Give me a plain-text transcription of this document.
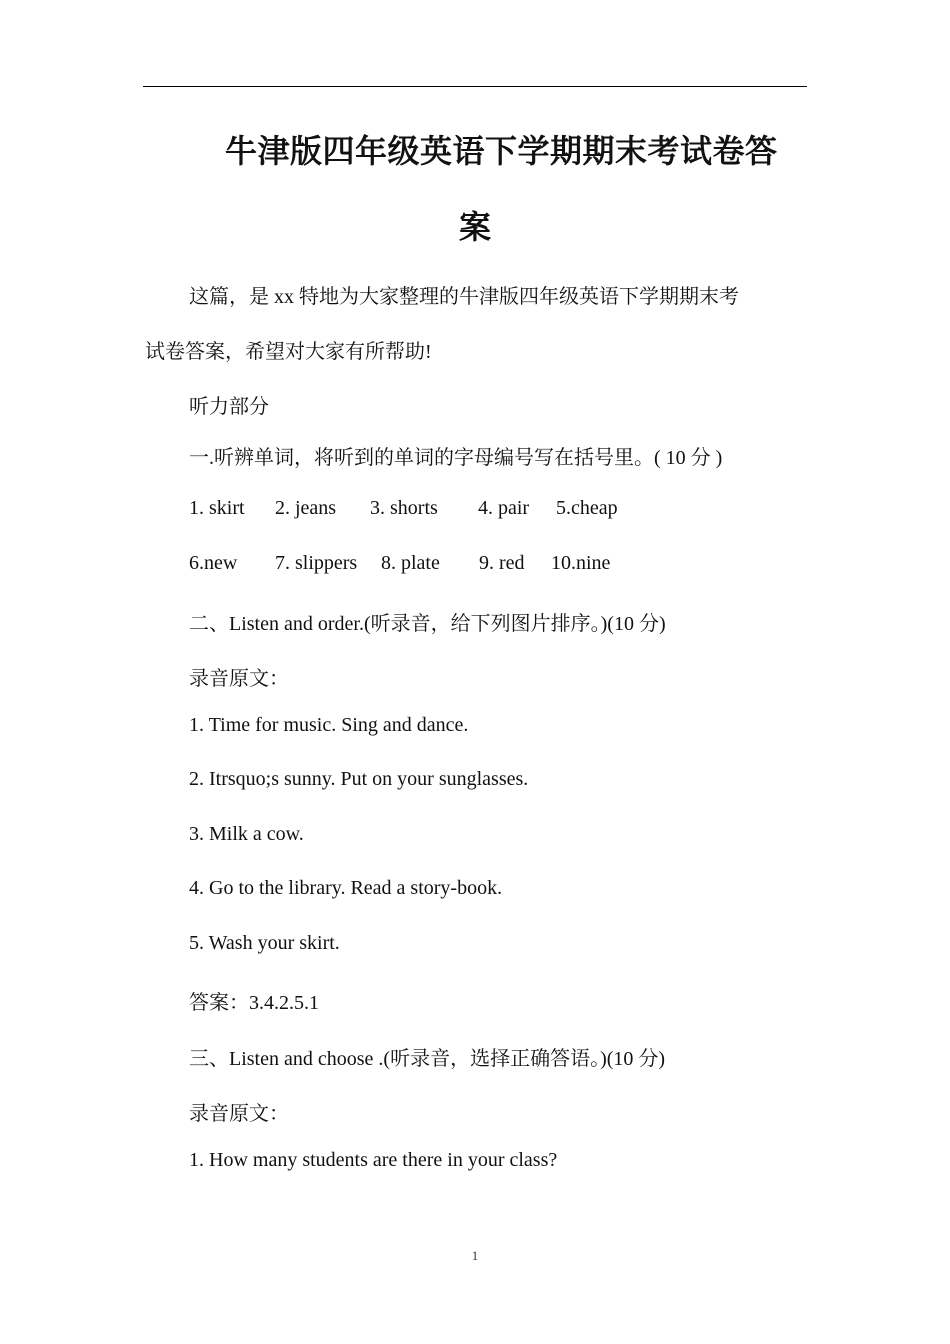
牛津版四年级英语下学期期末考试卷答
案
这篇，是 xx 特地为大家整理的牛津版四年级英语下学期期末考
试卷答案，希望对大家有所帮助!
听力部分
一.听辨单词，将听到的单词的字母编号写在括号里。( 10 分 )
1. skirt 2. jeans 3. shorts 4. pair 5.cheap
6.new 7. slippers 8. plate 9. red 10.nine
二、Listen and order.(听录音，给下列图片排序。)(10 分)
录音原文：
1. Time for music. Sing and dance.
2. Itrsquo;s sunny. Put on your sunglasses.
3. Milk a cow.
4. Go to the library. Read a story-book.
5. Wash your skirt.
答案：3.4.2.5.1
三、Listen and choose .(听录音，选择正确答语。)(10 分)
录音原文：
1. How many students are there in your class?
1
